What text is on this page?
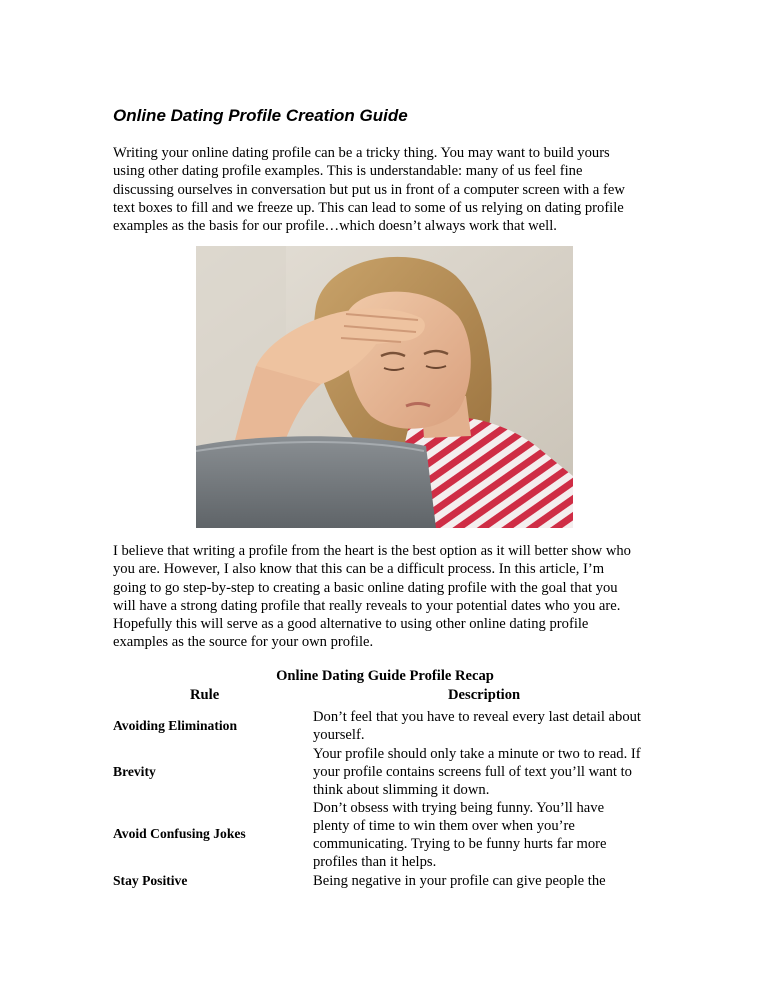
Online Dating Profile Creation Guide

Writing your online dating profile can be a tricky thing. You may want to build yours
using other dating profile examples. This is understandable: many of us feel fine
discussing ourselves in conversation but put us in front of a computer screen with a few
text boxes to fill and we freeze up. This can lead to some of us relying on dating profile
examples as the basis for our profile…which doesn’t always work that well.

I believe that writing a profile from the heart is the best option as it will better show who
you are. However, I also know that this can be a difficult process. In this article, I’m
going to go step-by-step to creating a basic online dating profile with the goal that you
will have a strong dating profile that really reveals to your potential dates who you are.
Hopefully this will serve as a good alternative to using other online dating profile
examples as the source for your own profile.

Online Dating Guide Profile Recap
Rule	Description
Avoiding Elimination
Don’t feel that you have to reveal every last detail about
yourself.
Brevity
Your profile should only take a minute or two to read. If
your profile contains screens full of text you’ll want to
think about slimming it down.
Avoid Confusing Jokes
Don’t obsess with trying being funny. You’ll have
plenty of time to win them over when you’re
communicating. Trying to be funny hurts far more
profiles than it helps.
Stay Positive	Being negative in your profile can give people the
